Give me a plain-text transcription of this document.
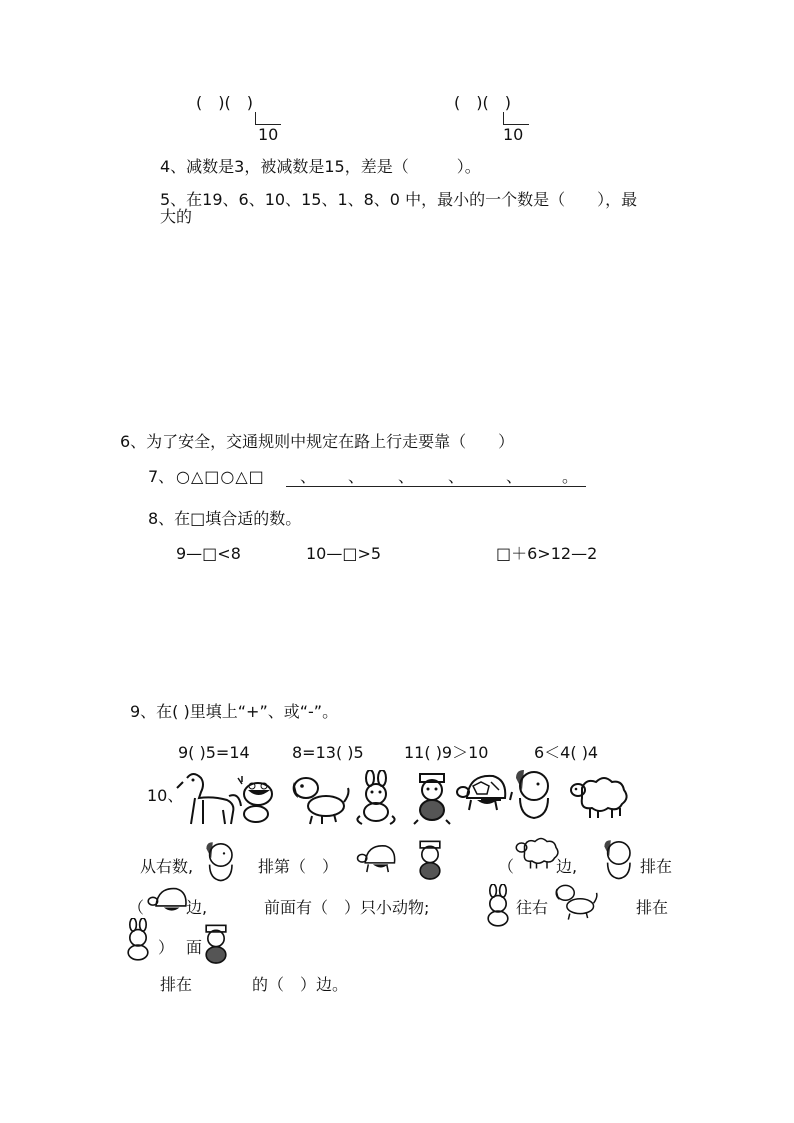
(　)(　)
10
(　)(　)
10
4、减数是3，被减数是15，差是（　　　）。
5、在19、6、10、15、1、8、0 中，最小的一个数是（　　），最
大的
6、为了安全，交通规则中规定在路上行走要靠（　　）
7、 ○△□○△□ 、 、 、 、	、 。
8、在□填合适的数。
9—□<8	10—□>5	□＋6>12—2
9、在( )里填上“+”、或“-”。
9( )5=14	8=13( )5	11( )9＞10	6＜4( )4
10、
从右数,	排第（　）	（	边,	排在
（	边,	前面有（　）只小动物;	往右	排在
） 面
排在	的（　）边。
